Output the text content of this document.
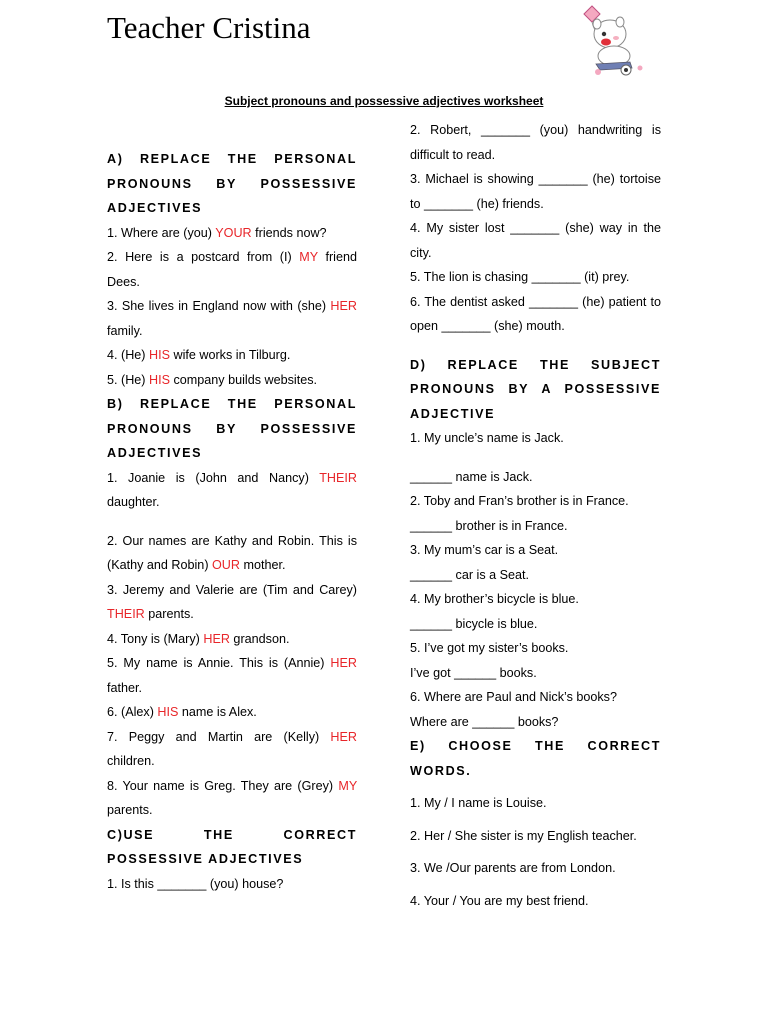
Teacher Cristina
Subject pronouns and possessive adjectives worksheet

A) REPLACE THE PERSONAL PRONOUNS BY POSSESSIVE ADJECTIVES

1. Where are (you) YOUR friends now?

2. Here is a postcard from (I) MY friend Dees.

3. She lives in England now with (she) HER family.

4. (He) HIS wife works in Tilburg.

5. (He) HIS company builds websites.

B) REPLACE THE PERSONAL PRONOUNS BY POSSESSIVE ADJECTIVES

1. Joanie is (John and Nancy) THEIR daughter.

2. Our names are Kathy and Robin. This is (Kathy and Robin) OUR mother.

3. Jeremy and Valerie are (Tim and Carey) THEIR parents.

4. Tony is (Mary) HER grandson.

5. My name is Annie. This is (Annie) HER father.

6. (Alex) HIS name is Alex.

7. Peggy and Martin are (Kelly) HER children.

8. Your name is Greg. They are (Grey) MY parents.

C)USE THE CORRECT POSSESSIVE ADJECTIVES

1. Is this _______ (you) house?

2. Robert, _______ (you) handwriting is difficult to read.

3. Michael is showing _______ (he) tortoise to _______ (he) friends.

4. My sister lost _______ (she) way in the city.

5. The lion is chasing _______ (it) prey.

6. The dentist asked _______ (he) patient to open _______ (she) mouth.

D) REPLACE THE SUBJECT PRONOUNS BY A POSSESSIVE ADJECTIVE

1. My uncle’s name is Jack.

______ name is Jack.

2. Toby and Fran’s brother is in France.

______ brother is in France.

3. My mum’s car is a Seat.

______ car is a Seat.

4. My brother’s bicycle is blue.

______ bicycle is blue.

5. I’ve got my sister’s books.

I’ve got ______ books.

6. Where are Paul and Nick’s books?

Where are ______ books?

E) CHOOSE THE CORRECT WORDS.

1. My / I name is Louise.

2. Her / She sister is my English teacher.

3. We /Our parents are from London.

4. Your / You are my best friend.
